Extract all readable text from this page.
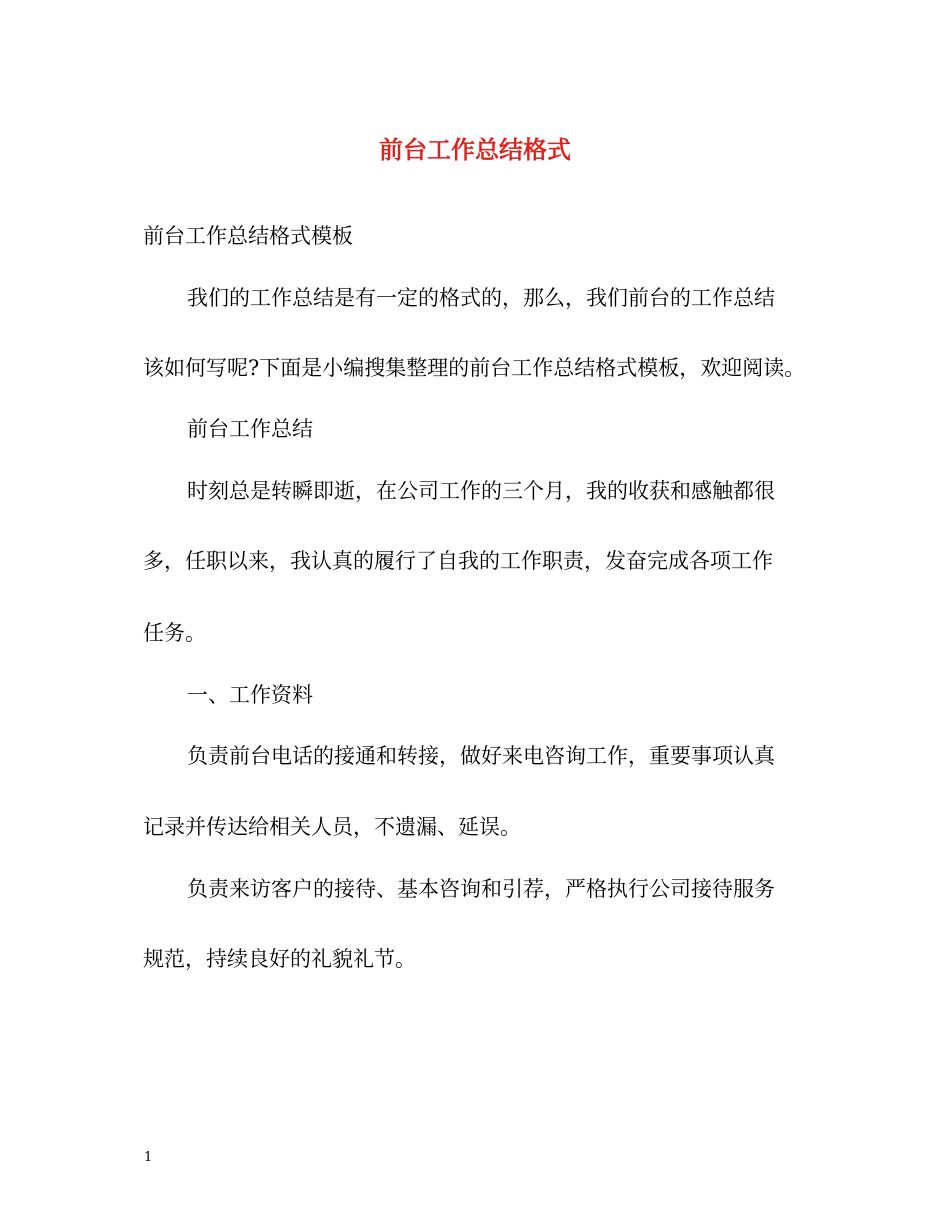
前台工作总结格式
前台工作总结格式模板
我们的工作总结是有一定的格式的，那么，我们前台的工作总结
该如何写呢?下面是小编搜集整理的前台工作总结格式模板，欢迎阅读。
前台工作总结
时刻总是转瞬即逝，在公司工作的三个月，我的收获和感触都很
多，任职以来，我认真的履行了自我的工作职责，发奋完成各项工作
任务。
一、工作资料
负责前台电话的接通和转接，做好来电咨询工作，重要事项认真
记录并传达给相关人员，不遗漏、延误。
负责来访客户的接待、基本咨询和引荐，严格执行公司接待服务
规范，持续良好的礼貌礼节。
1
